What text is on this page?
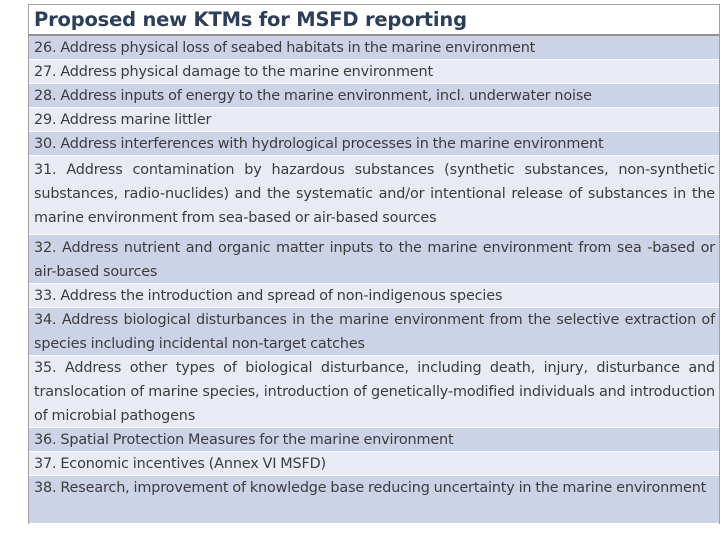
Proposed new KTMs for MSFD reporting
26. Address physical loss of seabed habitats in the marine environment
27. Address physical damage to the marine environment
28. Address inputs of energy to the marine environment, incl. underwater noise
29. Address marine littler
30. Address interferences with hydrological processes in the marine environment
31. Address contamination by hazardous substances (synthetic substances, non-synthetic substances, radio-nuclides) and the systematic and/or intentional release of substances in the marine environment from sea-based or air-based sources
32. Address nutrient and organic matter inputs to the marine environment from sea -based or air-based sources
33. Address the introduction and spread of non-indigenous species
34. Address biological disturbances in the marine environment from the selective extraction of species including incidental non-target catches
35. Address other types of biological disturbance, including death, injury, disturbance and translocation of marine species, introduction of genetically-modified individuals and introduction of microbial pathogens
36. Spatial Protection Measures for the marine environment
37. Economic incentives (Annex VI MSFD)
38. Research, improvement of knowledge base reducing uncertainty in the marine environment
